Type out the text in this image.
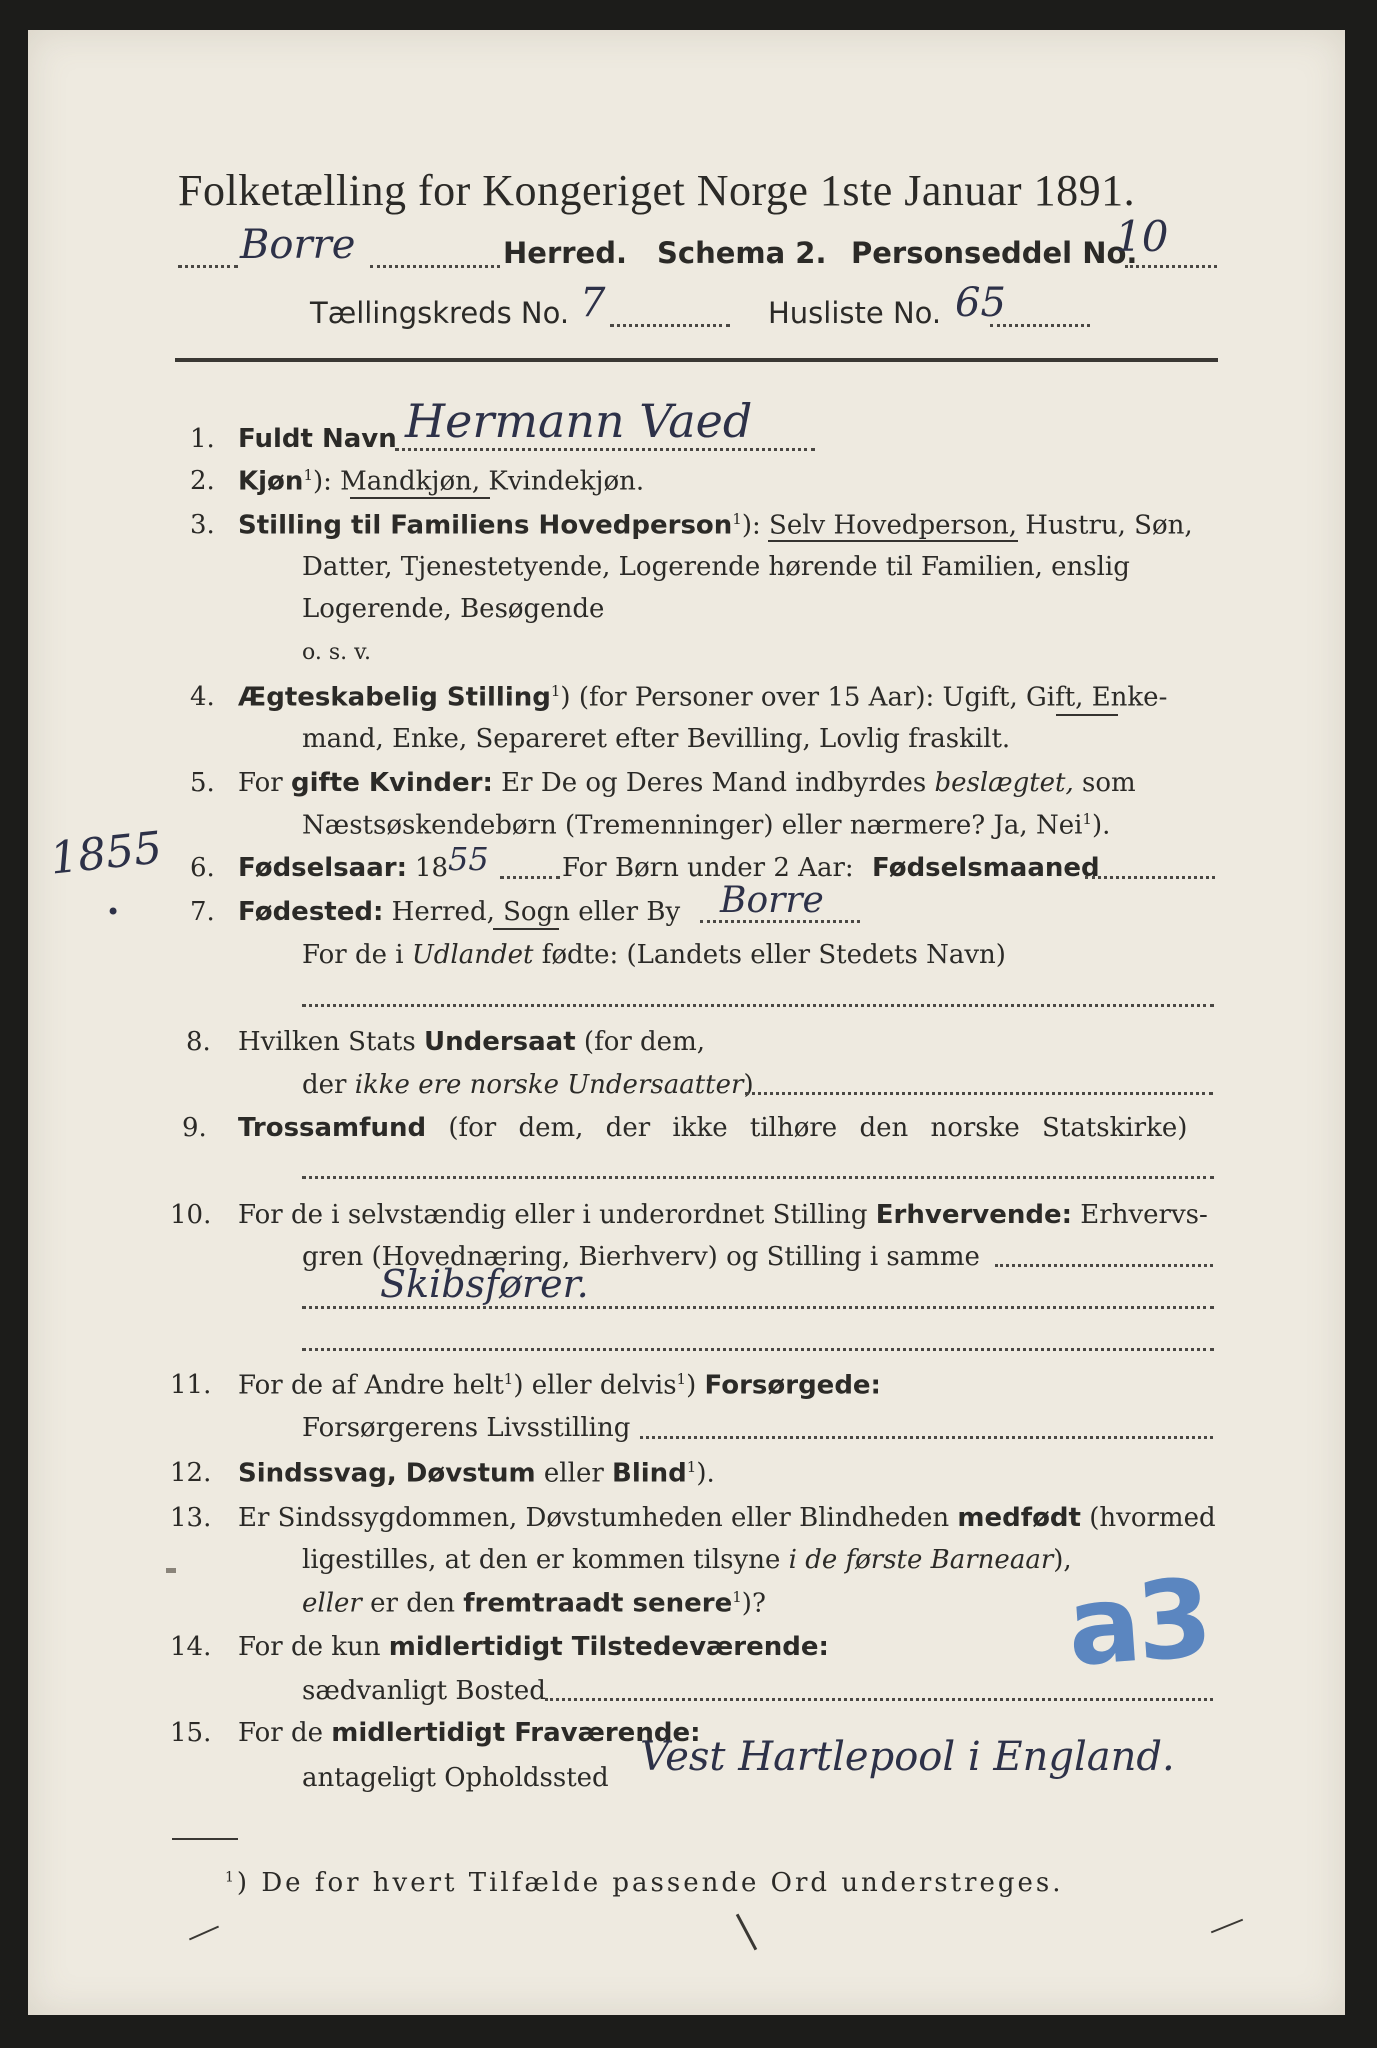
Folketælling for Kongeriget Norge 1ste Januar 1891.
Borre	Herred. Schema 2. Personseddel No.
10
Tællingskreds No. 7	Husliste No. 65
1855
•
1. Fuldt Navn Hermann Vaed
2. Kjøn$^1$): Mandkjøn, Kvindekjøn.
3. Stilling til Familiens Hovedperson$^1$): Selv Hovedperson, Hustru, Søn,
Datter, Tjenestetyende, Logerende hørende til Familien, enslig
Logerende, Besøgende
o. s. v.
4. Ægteskabelig Stilling$^1$) (for Personer over 15 Aar): Ugift, Gift, Enke-
mand, Enke, Separeret efter Bevilling, Lovlig fraskilt.
5. For gifte Kvinder: Er De og Deres Mand indbyrdes beslægtet, som
Næstsøskendebørn (Tremenninger) eller nærmere? Ja, Nei$^1$).
6. Fødselsaar: 18 55	For Børn under 2 Aar: Fødselsmaaned
7. Fødested: Herred, Sogn eller By Borre
For de i Udlandet fødte: (Landets eller Stedets Navn)
8. Hvilken Stats Undersaat (for dem,
der ikke ere norske Undersaatter)
9. Trossamfund (for dem, der ikke tilhøre den norske Statskirke)
10. For de i selvstændig eller i underordnet Stilling Erhvervende: Erhvervs-
gren (Hovednæring, Bierhverv) og Stilling i samme
Skibsfører.
11. For de af Andre helt$^1$) eller delvis$^1$) Forsørgede:
Forsørgerens Livsstilling
12. Sindssvag, Døvstum eller Blind$^1$).
13. Er Sindssygdommen, Døvstumheden eller Blindheden medfødt (hvormed
ligestilles, at den er kommen tilsyne i de første Barneaar),
eller er den fremtraadt senere$^1$)?
14. For de kun midlertidigt Tilstedeværende:
sædvanligt Bosted
a3
15. For de midlertidigt Fraværende:
antageligt Opholdssted Vest Hartlepool i England.
$^1$) De for hvert Tilfælde passende Ord understreges.
